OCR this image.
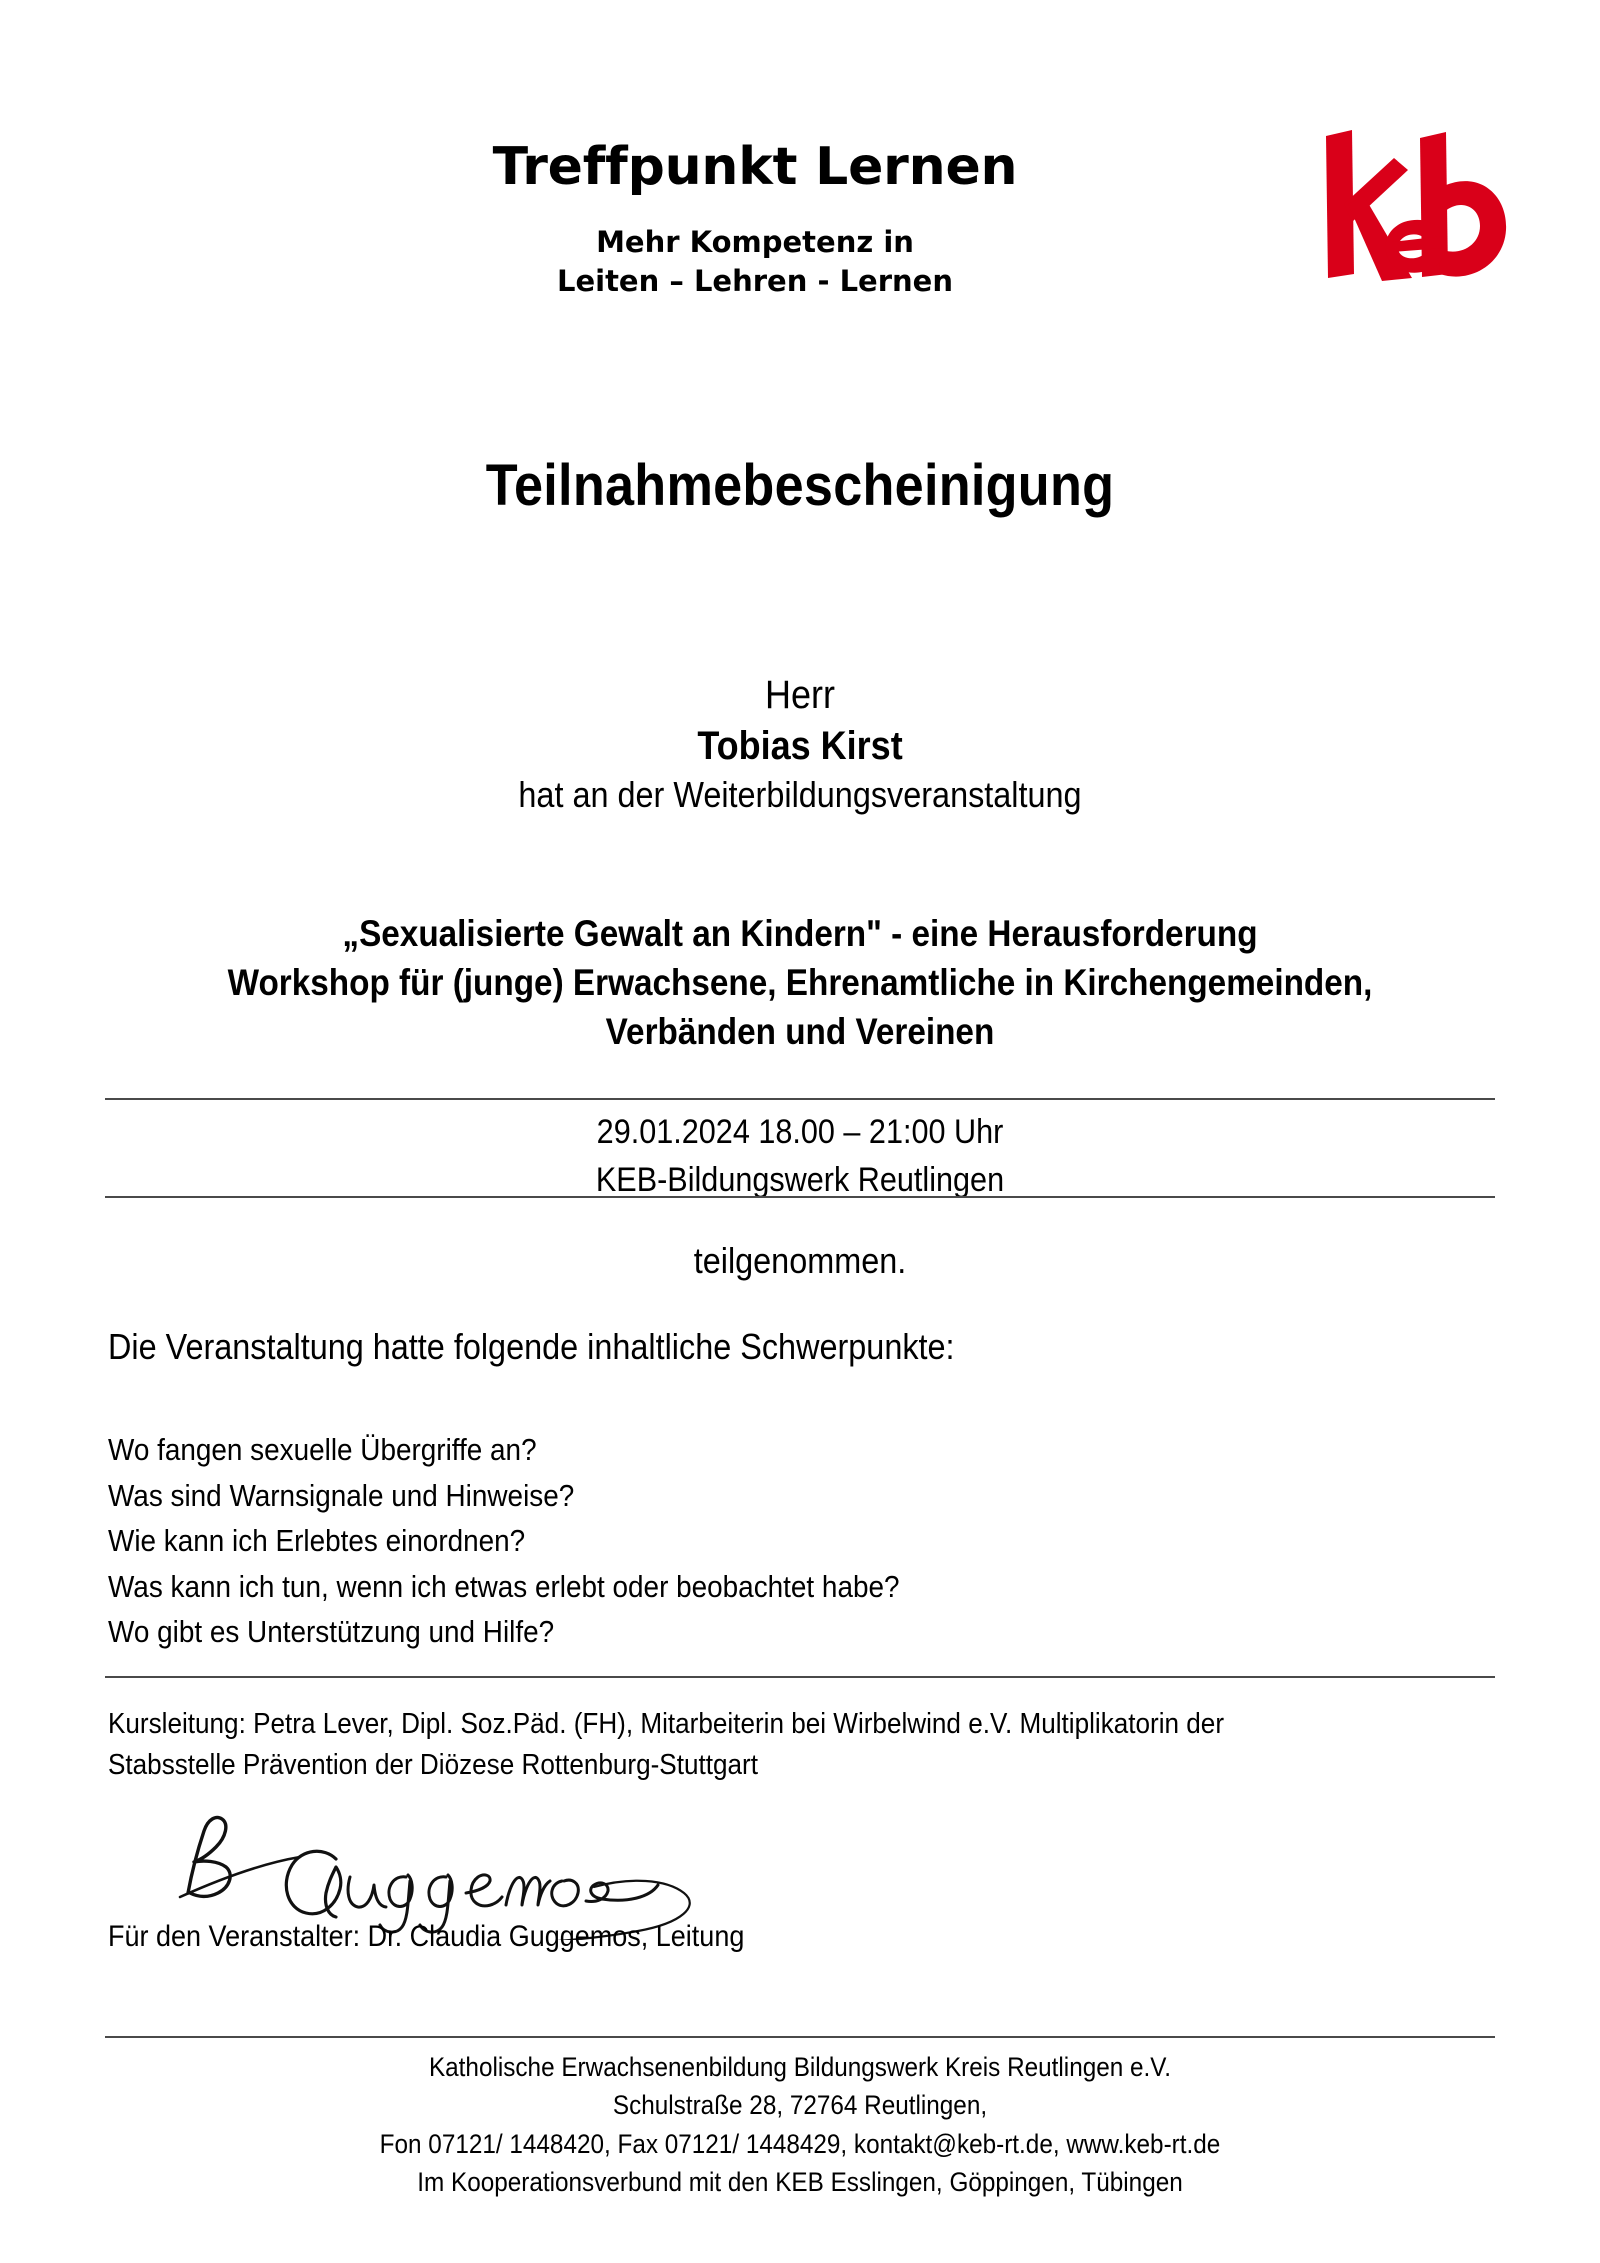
Treffpunkt Lernen
Mehr Kompetenz in
Leiten – Lehren - Lernen
Teilnahmebescheinigung
Herr
Tobias Kirst
hat an der Weiterbildungsveranstaltung
„Sexualisierte Gewalt an Kindern" - eine Herausforderung
Workshop für (junge) Erwachsene, Ehrenamtliche in Kirchengemeinden,
Verbänden und Vereinen
29.01.2024 18.00 – 21:00 Uhr
KEB-Bildungswerk Reutlingen
teilgenommen.
Die Veranstaltung hatte folgende inhaltliche Schwerpunkte:
Wo fangen sexuelle Übergriffe an?
Was sind Warnsignale und Hinweise?
Wie kann ich Erlebtes einordnen?
Was kann ich tun, wenn ich etwas erlebt oder beobachtet habe?
Wo gibt es Unterstützung und Hilfe?
Kursleitung: Petra Lever, Dipl. Soz.Päd. (FH), Mitarbeiterin bei Wirbelwind e.V. Multiplikatorin der
Stabsstelle Prävention der Diözese Rottenburg-Stuttgart
Für den Veranstalter: Dr. Claudia Guggemos, Leitung
Katholische Erwachsenenbildung Bildungswerk Kreis Reutlingen e.V.
Schulstraße 28, 72764 Reutlingen,
Fon 07121/ 1448420, Fax 07121/ 1448429, kontakt@keb-rt.de, www.keb-rt.de
Im Kooperationsverbund mit den KEB Esslingen, Göppingen, Tübingen
